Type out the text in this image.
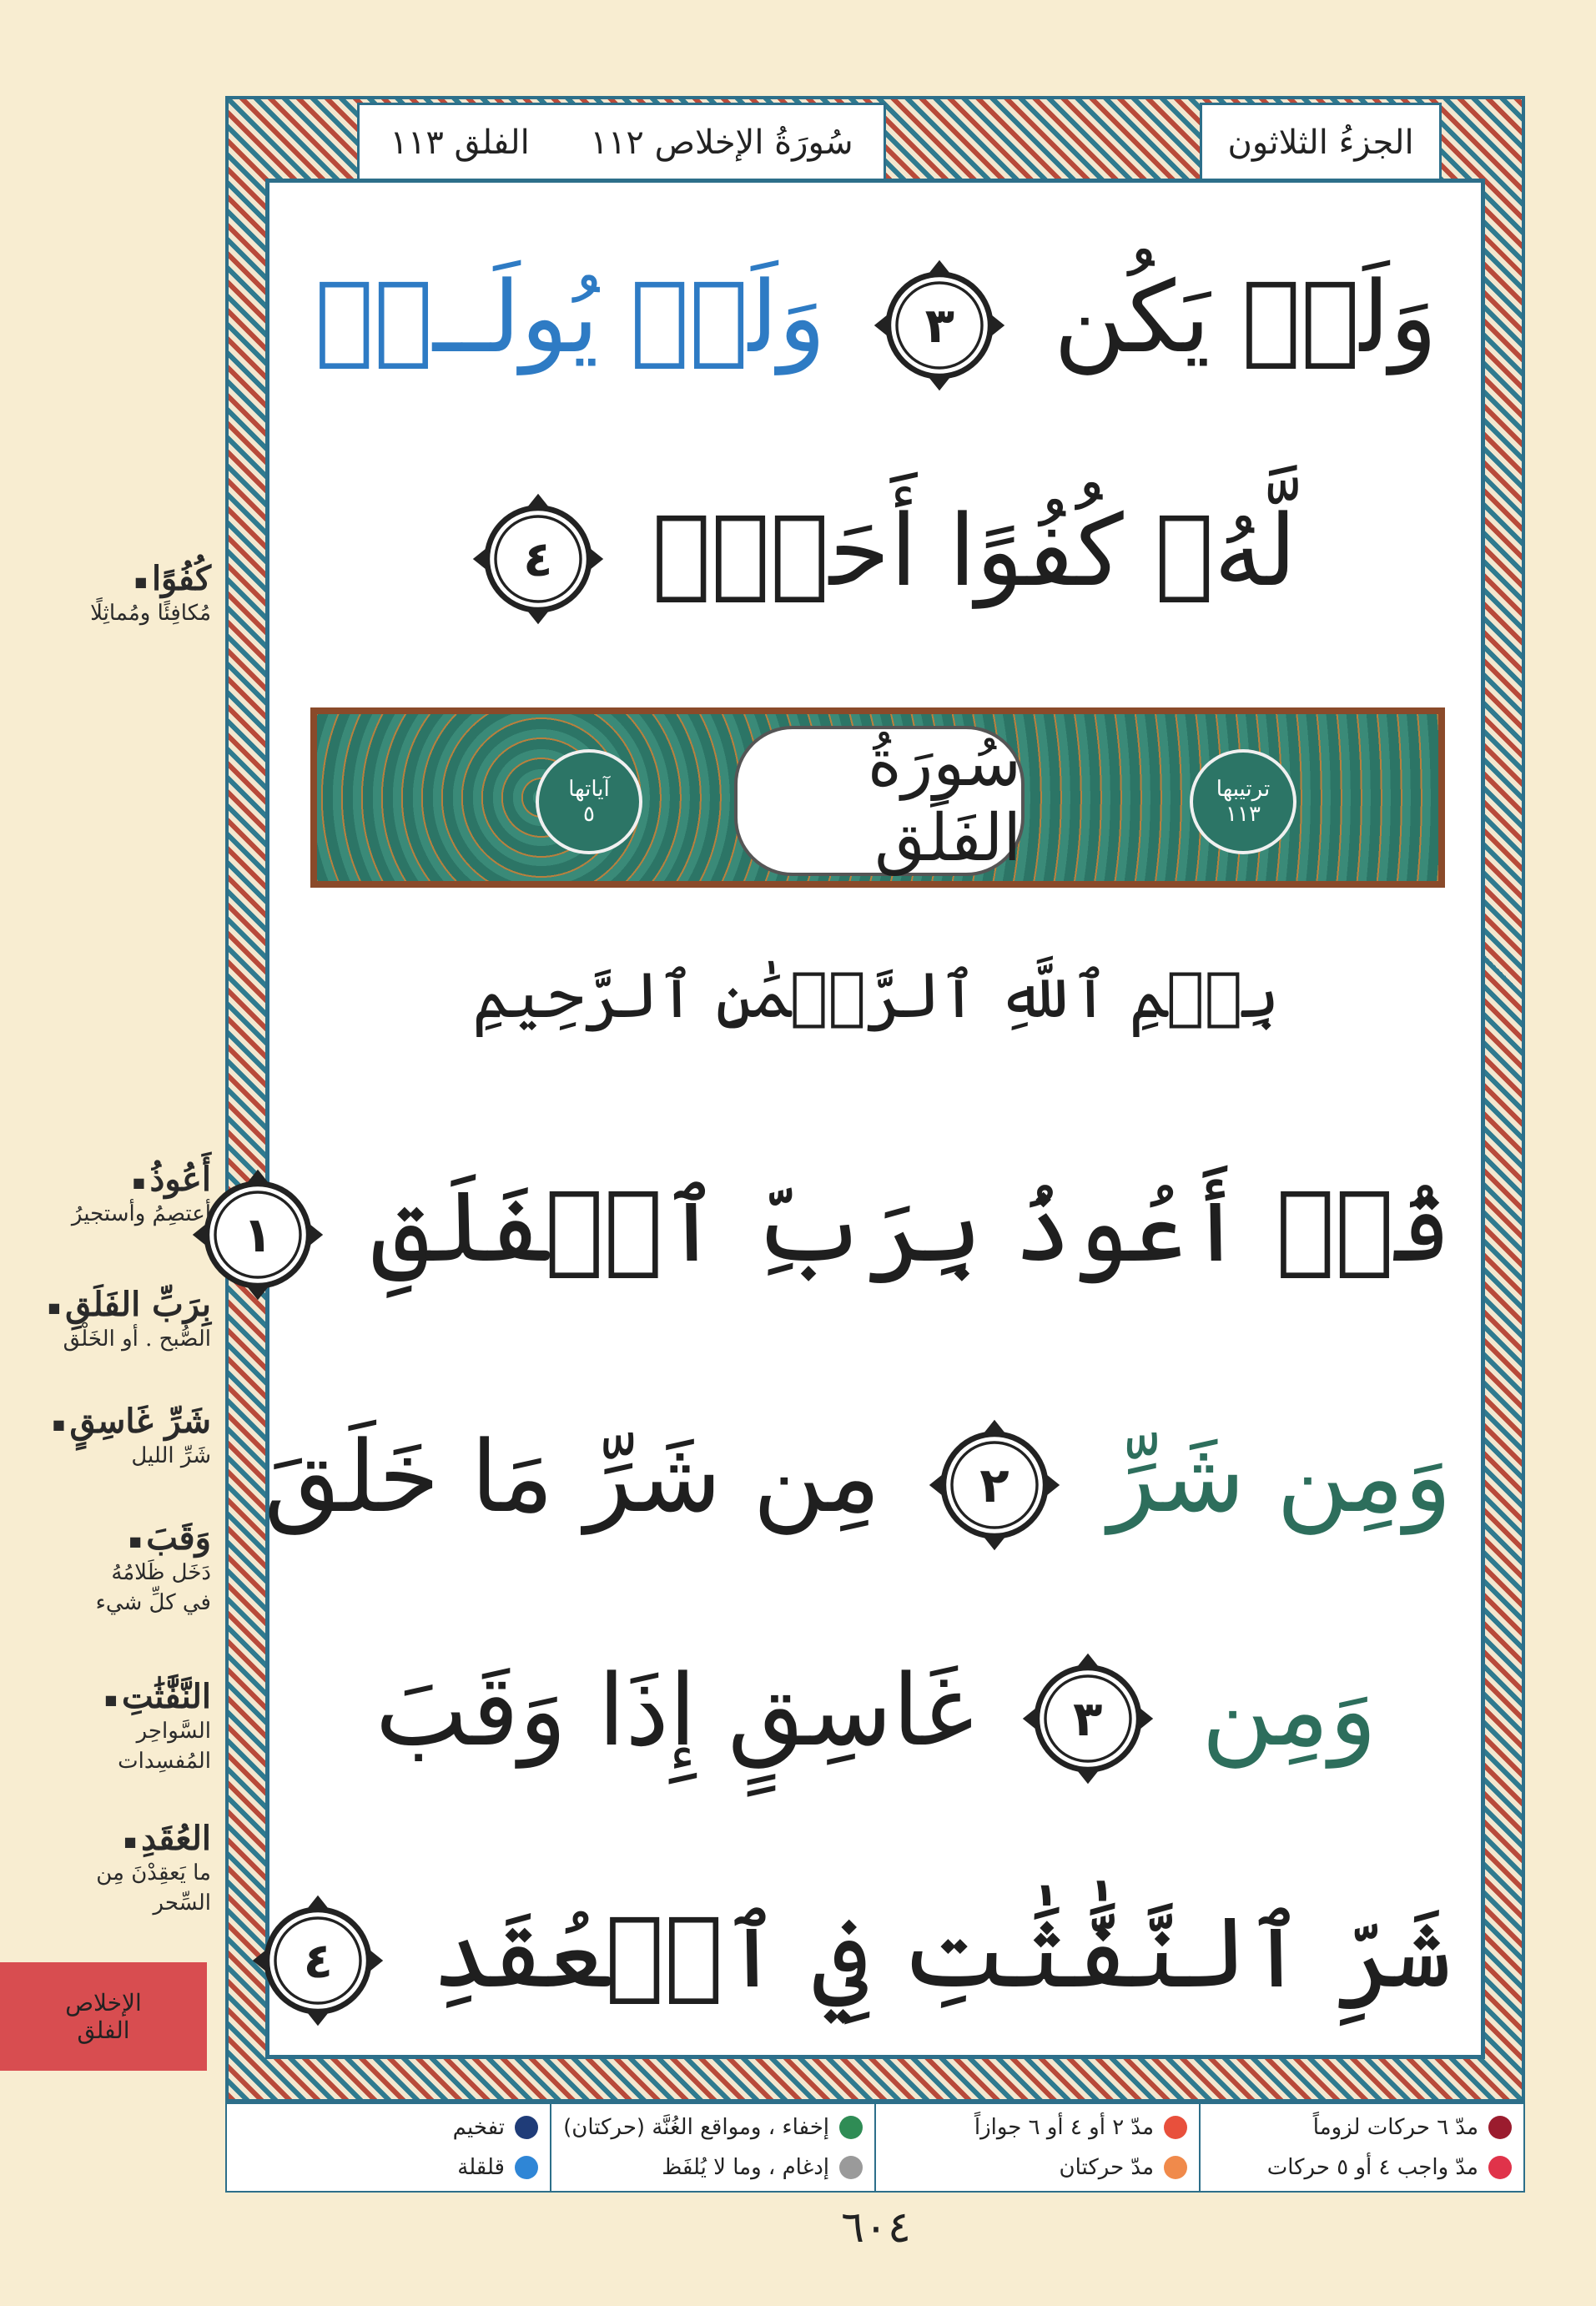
الجزءُ الثلاثون
سُورَةُ الإخلاص ١١٢
الفلق ١١٣
وَلَمۡ يَكُن
٣
وَلَمۡ يُولَــدۡ
لَّهُۥ كُفُوًا أَحَدُۢ
٤
ترتيبها
١١٣
سُورَةُ الفَلَق
آياتها
٥
بِسۡمِ ٱللَّهِ ٱلرَّحۡمَٰنِ ٱلرَّحِيمِ
قُلۡ أَعُوذُ بِرَبِّ ٱلۡفَلَقِ
١
وَمِن شَرِّ
٢
مِن شَرِّ مَا خَلَقَ
وَمِن
٣
غَاسِقٍ إِذَا وَقَبَ
شَرِّ ٱلنَّفَّٰثَٰتِ فِي ٱلۡعُقَدِ
٤
كُفُوًا ■
مُكافِئًا ومُماثِلًا
أَعُوذُ ■
أعتصِمُ وأستجيرُ
بِرَبِّ الفَلَقِ ■
الصُّبح . أو الخَلْق
شَرِّ غَاسِقٍ ■
شَرِّ الليل
وَقَبَ ■
دَخَل ظَلامُهُ
في كلِّ شيء
النَّفَّٰثَٰتِ ■
السَّواحِر
المُفسِدات
العُقَدِ ■
ما يَعقِدْنَ مِن
السِّحر
الإخلاص
الفلق
مدّ ٦ حركات لزوماً
مدّ واجب ٤ أو ٥ حركات
مدّ ٢ أو ٤ أو ٦ جوازاً
مدّ حركتان
إخفاء ، ومواقع الغُنَّة (حركتان)
إدغام ، وما لا يُلفَظ
تفخيم
قلقلة
٦٠٤
